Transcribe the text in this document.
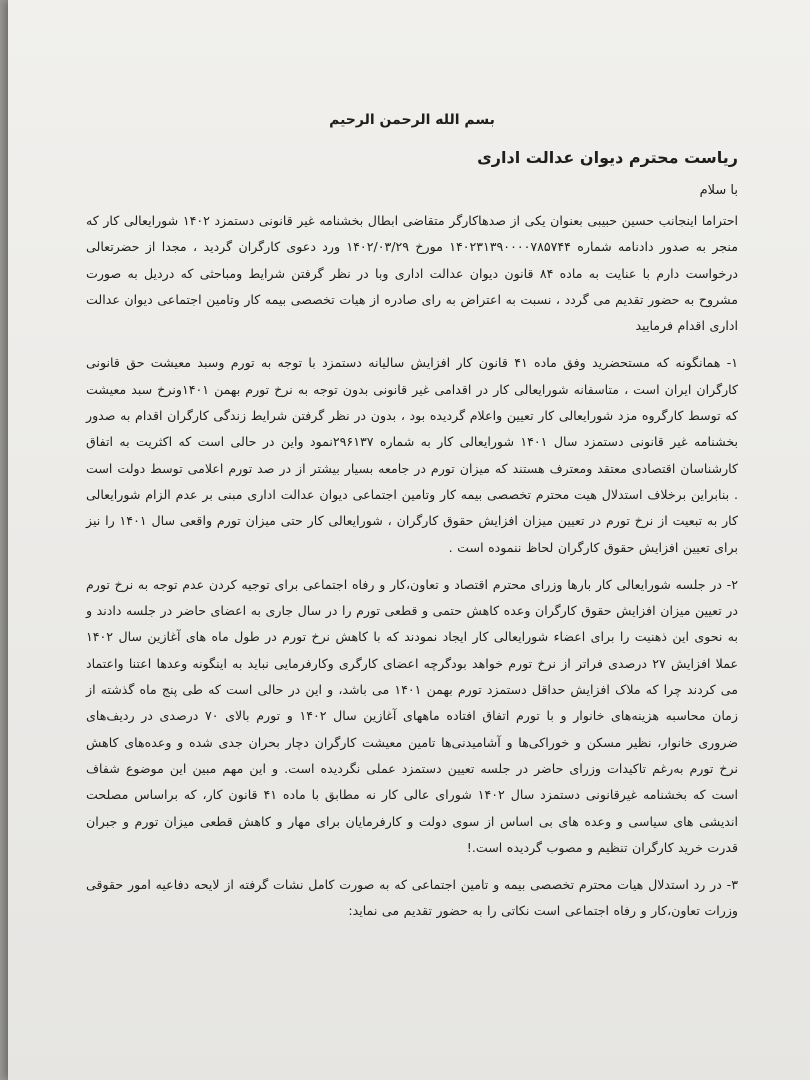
بسم الله الرحمن الرحیم
ریاست محترم دیوان عدالت اداری
با سلام

احتراما اینجانب حسین حبیبی بعنوان یکی از صدهاکارگر متقاضی ابطال بخشنامه غیر قانونی دستمزد ۱۴۰۲ شورایعالی کار که منجر به صدور دادنامه شماره ۱۴۰۲۳۱۳۹۰۰۰۰۷۸۵۷۴۴ مورخ ۱۴۰۲/۰۳/۲۹ ورد دعوی کارگران گردید ، مجدا از حضرتعالی درخواست دارم با عنایت به ماده ۸۴ قانون دیوان عدالت اداری وبا در نظر گرفتن شرایط ومباحثی که دردیل به صورت مشروح به حضور تقدیم می گردد ، نسبت به اعتراض به رای صادره از هیات تخصصی بیمه کار وتامین اجتماعی دیوان عدالت اداری اقدام فرمایید

۱- همانگونه که مستحضرید وفق ماده ۴۱ قانون کار افزایش سالیانه دستمزد با توجه به تورم وسبد معیشت حق قانونی کارگران ایران است ، متاسفانه شورایعالی کار در اقدامی غیر قانونی بدون توجه به نرخ تورم بهمن ۱۴۰۱ونرخ سبد معیشت که توسط کارگروه مزد شورایعالی کار تعیین واعلام گردیده بود ، بدون در نظر گرفتن شرایط زندگی کارگران اقدام به صدور بخشنامه غیر قانونی دستمزد سال ۱۴۰۱ شورایعالی کار به شماره ۲۹۶۱۳۷نمود واین در حالی است که اکثریت به اتفاق کارشناسان اقتصادی معتقد ومعترف هستند که میزان تورم در جامعه بسیار بیشتر از در صد تورم اعلامی توسط دولت است . بنابراین برخلاف استدلال هیت محترم تخصصی بیمه کار وتامین اجتماعی دیوان عدالت اداری مبنی بر عدم الزام شورایعالی کار به تبعیت از نرخ تورم در تعیین میزان افزایش حقوق کارگران ، شورایعالی کار حتی میزان تورم واقعی سال ۱۴۰۱ را نیز برای تعیین افزایش حقوق کارگران لحاظ ننموده است .

۲- در جلسه شورایعالی کار بارها وزرای محترم اقتصاد و تعاون،کار و رفاه اجتماعی برای توجیه کردن عدم توجه به نرخ تورم در تعیین میزان افزایش حقوق کارگران وعده کاهش حتمی و قطعی تورم را در سال جاری به اعضای حاضر در جلسه دادند و به نحوی این ذهنیت را برای اعضاء شورایعالی کار ایجاد نمودند که با کاهش نرخ تورم در طول ماه های آغازین سال ۱۴۰۲ عملا افزایش ۲۷ درصدی فراتر از نرخ تورم خواهد بودگرچه اعضای کارگری وکارفرمایی نباید به اینگونه وعدها اعتنا واعتماد می کردند چرا که ملاک افزایش حداقل دستمزد تورم بهمن ۱۴۰۱ می باشد، و این در حالی است که طی پنج ماه گذشته از زمان محاسبه هزینه‌های خانوار و با تورم اتفاق افتاده ماههای آغازین سال ۱۴۰۲ و تورم بالای ۷۰ درصدی در ردیف‌های ضروری خانوار، نظیر مسکن و خوراکی‌ها و آشامیدنی‌ها تامین معیشت کارگران دچار بحران جدی شده و وعده‌های کاهش نرخ تورم به‌رغم تاکیدات وزرای حاضر در جلسه تعیین دستمزد عملی نگردیده است. و این مهم مبین این موضوع شفاف است که بخشنامه غیرقانونی دستمزد سال ۱۴۰۲ شورای عالی کار نه مطابق با ماده ۴۱ قانون کار، که براساس مصلحت اندیشی های سیاسی و وعده های بی اساس از سوی دولت و کارفرمایان برای مهار و کاهش قطعی میزان تورم و جبران قدرت خرید کارگران تنظیم و مصوب گردیده است.!

۳- در رد استدلال هیات محترم تخصصی بیمه و تامین اجتماعی که به صورت کامل نشات گرفته از لایحه دفاعیه امور حقوقی وزرات تعاون،کار و رفاه اجتماعی است نکاتی را به حضور تقدیم می نماید:
